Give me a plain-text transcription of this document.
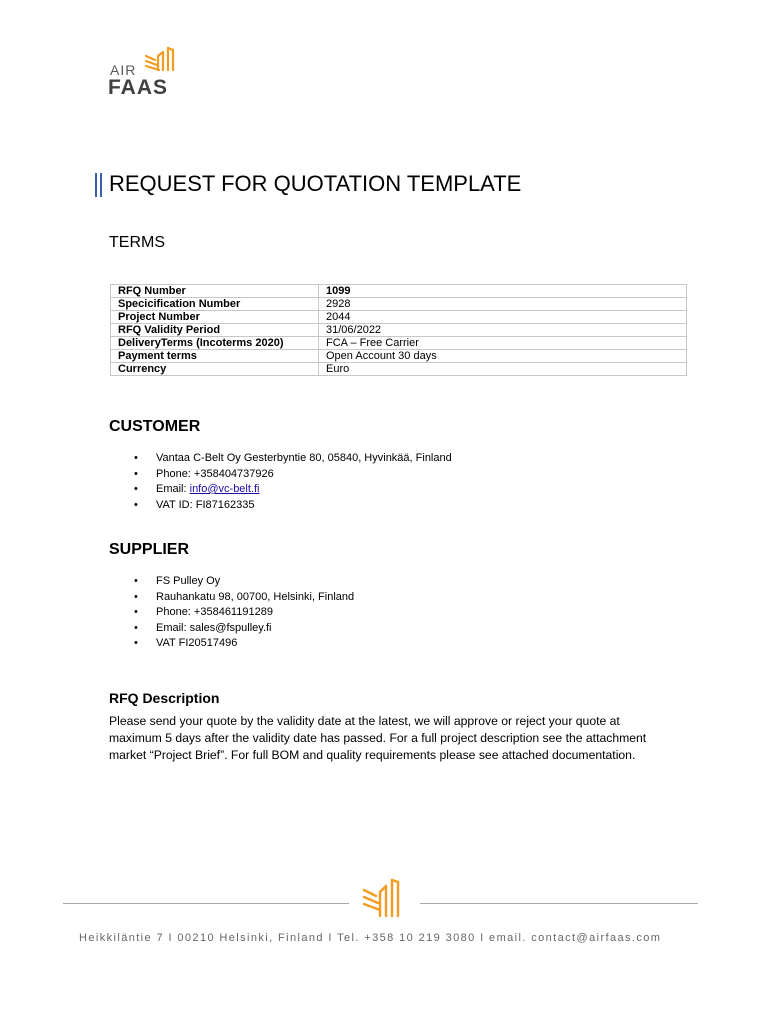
AIR
FAAS
REQUEST FOR QUOTATION TEMPLATE
TERMS
RFQ Number	1099
Specicification Number	2928
Project Number	2044
RFQ Validity Period	31/06/2022
DeliveryTerms (Incoterms 2020)	FCA – Free Carrier
Payment terms	Open Account 30 days
Currency	Euro
CUSTOMER
• Vantaa C-Belt Oy Gesterbyntie 80, 05840, Hyvinkää, Finland
• Phone: +358404737926
• Email: info@vc-belt.fi
• VAT ID: FI87162335
SUPPLIER
• FS Pulley Oy
• Rauhankatu 98, 00700, Helsinki, Finland
• Phone: +358461191289
• Email: sales@fspulley.fi
• VAT FI20517496
RFQ Description
Please send your quote by the validity date at the latest, we will approve or reject your quote at maximum 5 days after the validity date has passed. For a full project description see the attachment market “Project Brief”. For full BOM and quality requirements please see attached documentation.
Heikkiläntie 7 I 00210 Helsinki, Finland I Tel. +358 10 219 3080 I email. contact@airfaas.com
